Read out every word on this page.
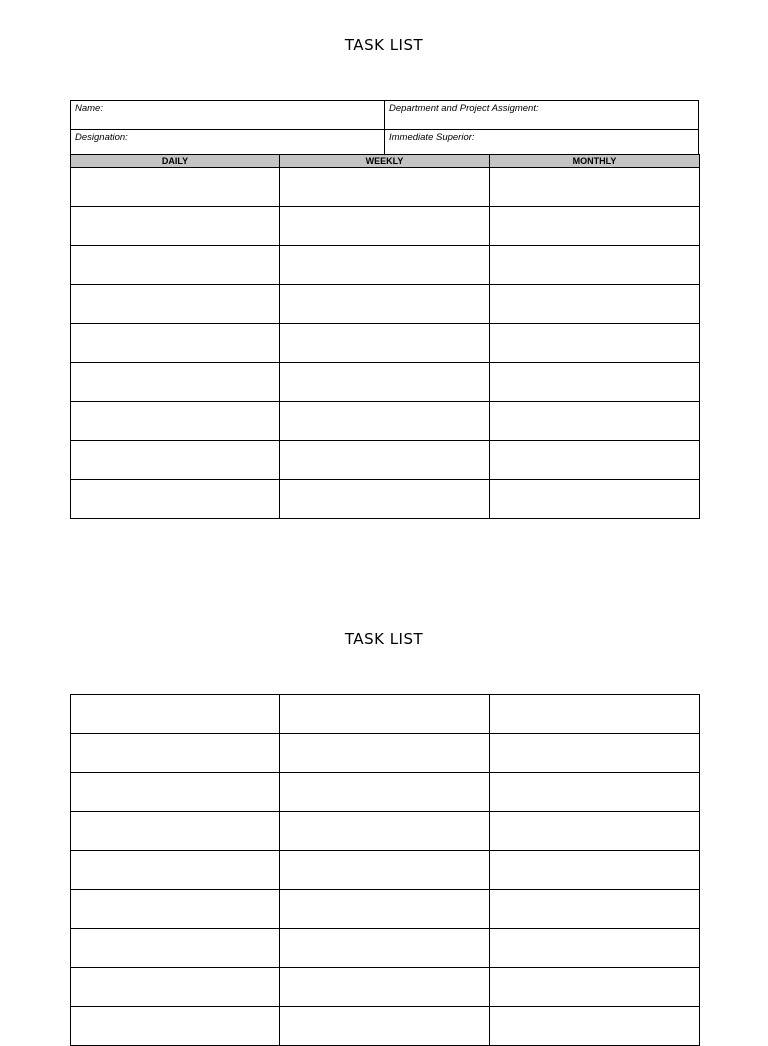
TASK LIST
Name:	Department and Project Assigment:
Designation:	Immediate Superior:
DAILY	WEEKLY	MONTHLY

TASK LIST
